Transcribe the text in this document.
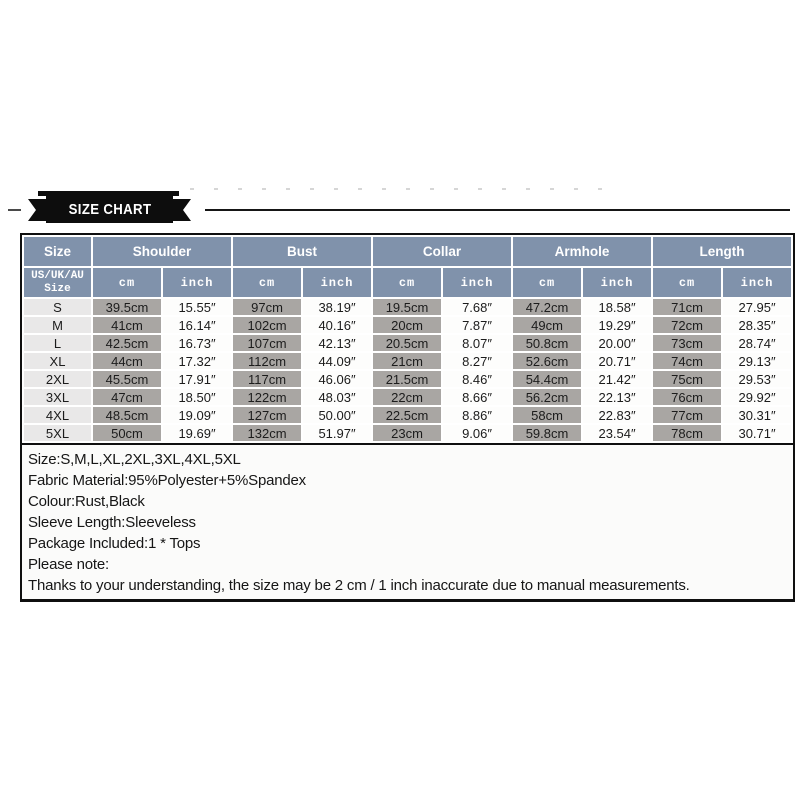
SIZE CHART
Size	Shoulder		Bust		Collar		Armhole		Length	
US/UK/AU
Size	cm	inch	cm	inch	cm	inch	cm	inch	cm	inch
S	39.5cm	15.55″	97cm	38.19″	19.5cm	7.68″	47.2cm	18.58″	71cm	27.95″
M	41cm	16.14″	102cm	40.16″	20cm	7.87″	49cm	19.29″	72cm	28.35″
L	42.5cm	16.73″	107cm	42.13″	20.5cm	8.07″	50.8cm	20.00″	73cm	28.74″
XL	44cm	17.32″	112cm	44.09″	21cm	8.27″	52.6cm	20.71″	74cm	29.13″
2XL	45.5cm	17.91″	117cm	46.06″	21.5cm	8.46″	54.4cm	21.42″	75cm	29.53″
3XL	47cm	18.50″	122cm	48.03″	22cm	8.66″	56.2cm	22.13″	76cm	29.92″
4XL	48.5cm	19.09″	127cm	50.00″	22.5cm	8.86″	58cm	22.83″	77cm	30.31″
5XL	50cm	19.69″	132cm	51.97″	23cm	9.06″	59.8cm	23.54″	78cm	30.71″
Size:S,M,L,XL,2XL,3XL,4XL,5XL
Fabric Material:95%Polyester+5%Spandex
Colour:Rust,Black
Sleeve Length:Sleeveless
Package Included:1 * Tops
Please note:
Thanks to your understanding, the size may be 2 cm / 1 inch inaccurate due to manual measurements.
